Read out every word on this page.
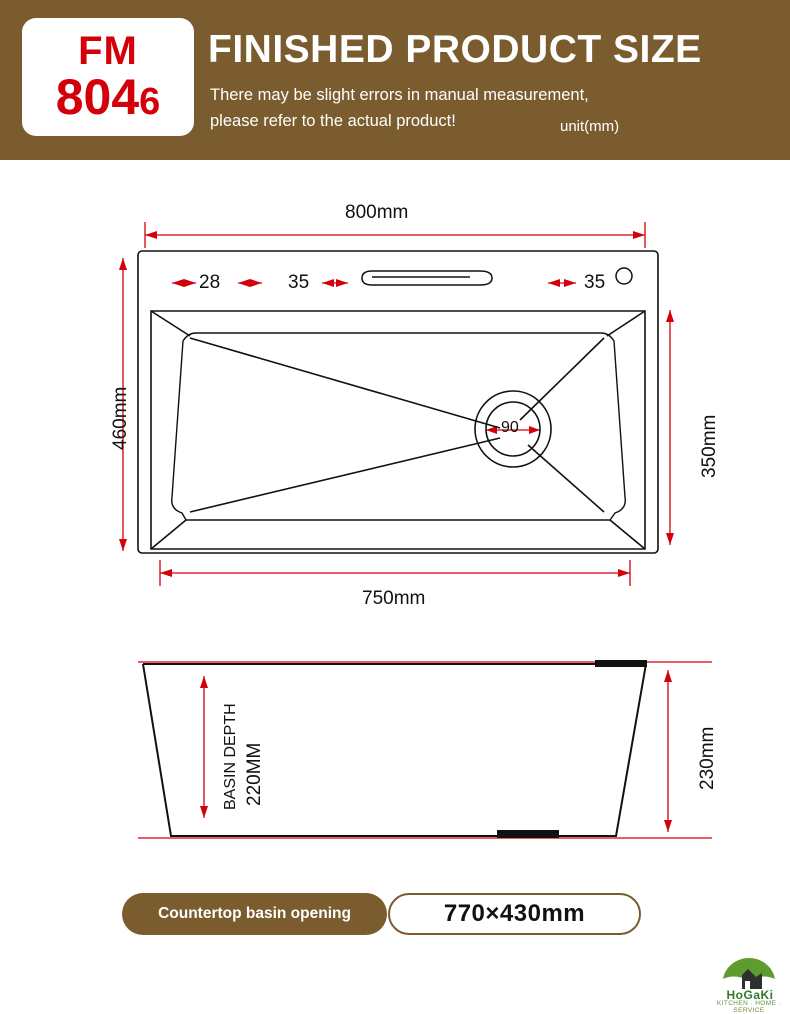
FM
8046
FINISHED PRODUCT SIZE
There may be slight errors in manual measurement,
please refer to the actual product!	unit(mm)
800mm
460mm	350mm
750mm
28	35	35
90
BASIN DEPTH 220MM	230mm
Countertop basin opening	770×430mm
HoGaKi
KITCHEN · HOME · SERVICE
